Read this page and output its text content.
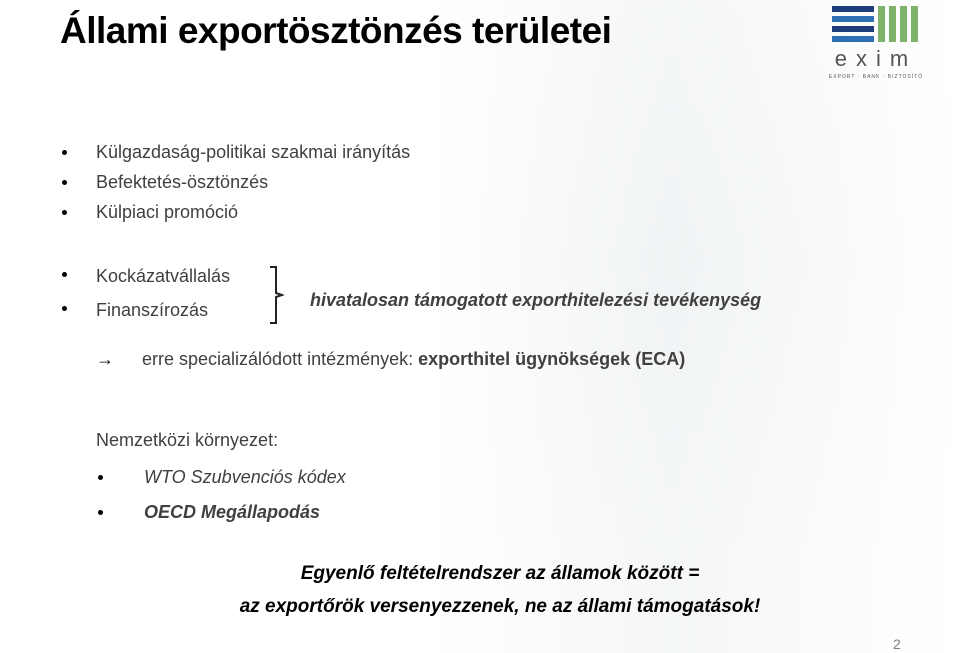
Állami exportösztönzés területei
exim
EXPORT · BANK · BIZTOSÍTÓ
Külgazdaság-politikai szakmai irányítás
Befektetés-ösztönzés
Külpiaci promóció
Kockázatvállalás
Finanszírozás	hivatalosan támogatott exporthitelezési tevékenység
→ erre specializálódott intézmények: exporthitel ügynökségek (ECA)
Nemzetközi környezet:
WTO Szubvenciós kódex
OECD Megállapodás
Egyenlő feltételrendszer az államok között =
az exportőrök versenyezzenek, ne az állami támogatások!
2
